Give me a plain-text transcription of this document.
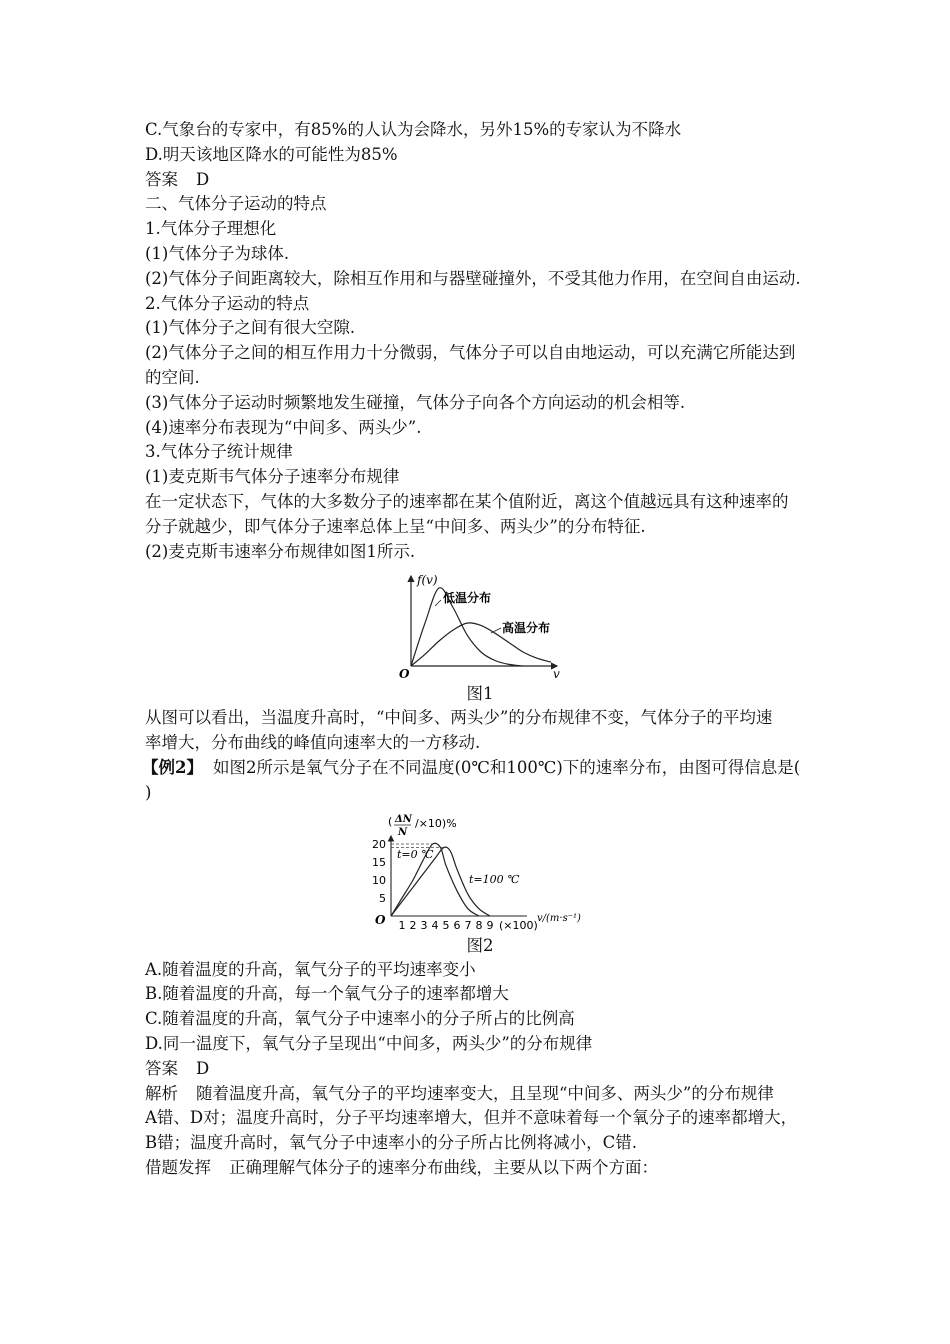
C.气象台的专家中，有85%的人认为会降水，另外15%的专家认为不降水
D.明天该地区降水的可能性为85%
答案 D
二、气体分子运动的特点
1.气体分子理想化
(1)气体分子为球体.
(2)气体分子间距离较大，除相互作用和与器壁碰撞外，不受其他力作用，在空间自由运动.
2.气体分子运动的特点
(1)气体分子之间有很大空隙.
(2)气体分子之间的相互作用力十分微弱，气体分子可以自由地运动，可以充满它所能达到
的空间.
(3)气体分子运动时频繁地发生碰撞，气体分子向各个方向运动的机会相等.
(4)速率分布表现为“中间多、两头少”.
3.气体分子统计规律
(1)麦克斯韦气体分子速率分布规律
在一定状态下，气体的大多数分子的速率都在某个值附近，离这个值越远具有这种速率的
分子就越少，即气体分子速率总体上呈“中间多、两头少”的分布特征.
(2)麦克斯韦速率分布规律如图1所示.
f(v)
v
O
低温分布
高温分布
图1
从图可以看出，当温度升高时，“中间多、两头少”的分布规律不变，气体分子的平均速
率增大，分布曲线的峰值向速率大的一方移动.
【例2】 如图2所示是氧气分子在不同温度(0℃和100℃)下的速率分布，由图可得信息是(
)
( ΔN
N
/×10)%
20
15
10
5
1 2 3 4 5 6 7 8 9
O	(×100)
v/(m·s⁻¹)
t=0 ℃
t=100 ℃
图2
A.随着温度的升高，氧气分子的平均速率变小
B.随着温度的升高，每一个氧气分子的速率都增大
C.随着温度的升高，氧气分子中速率小的分子所占的比例高
D.同一温度下，氧气分子呈现出“中间多，两头少”的分布规律
答案 D
解析 随着温度升高，氧气分子的平均速率变大，且呈现“中间多、两头少”的分布规律
A错、D对；温度升高时，分子平均速率增大，但并不意味着每一个氧分子的速率都增大，
B错；温度升高时，氧气分子中速率小的分子所占比例将减小，C错.
借题发挥 正确理解气体分子的速率分布曲线，主要从以下两个方面：
